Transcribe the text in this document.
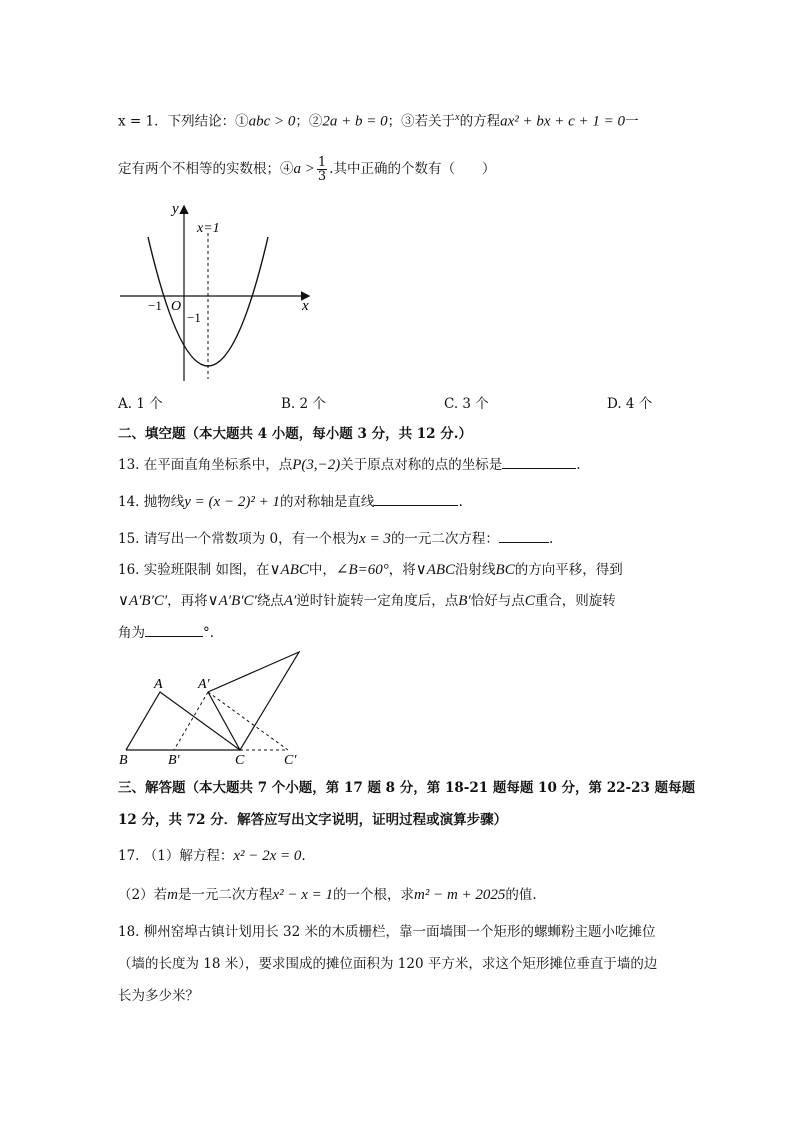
x = 1．下列结论：①abc > 0；②2a + b = 0；③若关于$^x$的方程ax² + bx + c + 1 = 0一
定有两个不相等的实数根；④a > $\frac{1}{3}$ .其中正确的个数有（　　）
y
x
O
x=1
−1
−1
A. 1 个	B. 2 个	C. 3 个	D. 4 个
二、填空题（本大题共 4 小题，每小题 3 分，共 12 分.）
13. 在平面直角坐标系中，点P(3,−2)关于原点对称的点的坐标是	.
14. 抛物线y = (x − 2)² + 1的对称轴是直线	.
15. 请写出一个常数项为 0，有一个根为x = 3的一元二次方程：	.
16. 实验班限制 如图，在∨ABC中，∠B=60°，将∨ABC沿射线BC的方向平移，得到
∨A′B′C′，再将∨A′B′C′绕点A′逆时针旋转一定角度后，点B′恰好与点C重合，则旋转
角为	°．
A	A′
B	B′	C	C′
三、解答题（本大题共 7 个小题，第 17 题 8 分，第 18-21 题每题 10 分，第 22-23 题每题
12 分，共 72 分．解答应写出文字说明，证明过程或演算步骤）
17. （1）解方程：x² − 2x = 0.
（2）若m是一元二次方程x² − x = 1的一个根，求m² − m + 2025的值.
18. 柳州窑埠古镇计划用长 32 米的木质栅栏，靠一面墙围一个矩形的螺蛳粉主题小吃摊位
（墙的长度为 18 米），要求围成的摊位面积为 120 平方米，求这个矩形摊位垂直于墙的边
长为多少米？
